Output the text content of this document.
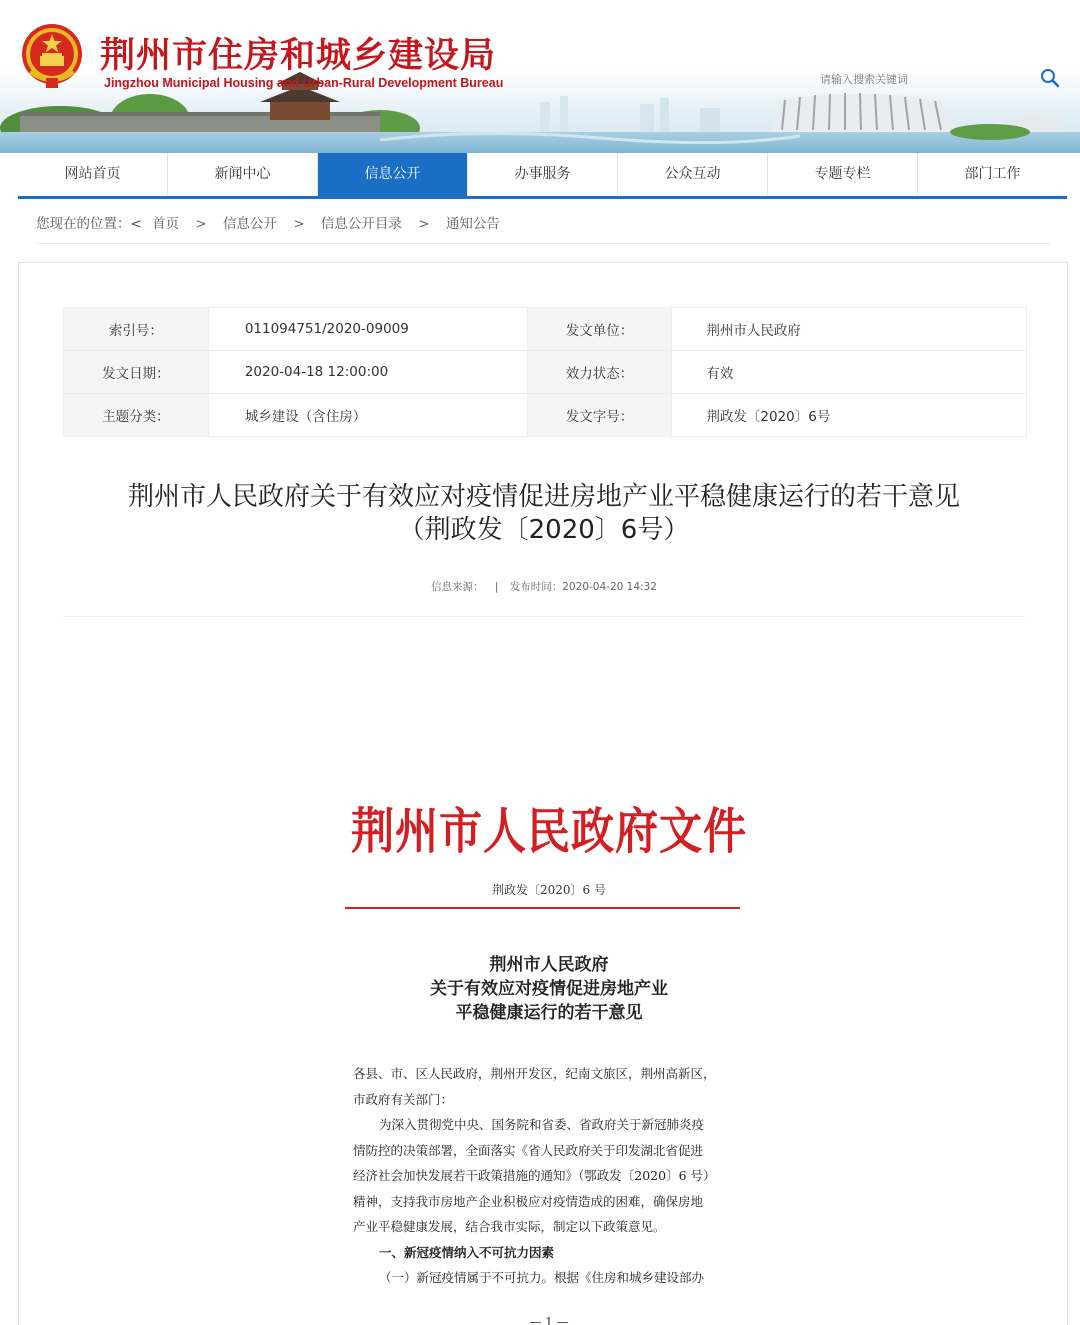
荆州市住房和城乡建设局
Jingzhou Municipal Housing and Urban-Rural Development Bureau
请输入搜索关键词
网站首页	新闻中心	信息公开	办事服务	公众互动	专题专栏	部门工作
您现在的位置：< 首页 > 信息公开 > 信息公开目录 > 通知公告
索引号：	011094751/2020-09009	发文单位：	荆州市人民政府
发文日期：	2020-04-18 12:00:00	效力状态：	有效
主题分类：	城乡建设（含住房）	发文字号：	荆政发〔2020〕6号
荆州市人民政府关于有效应对疫情促进房地产业平稳健康运行的若干意见
（荆政发〔2020〕6号）
信息来源： | 发布时间：2020-04-20 14:32
荆州市人民政府文件
荆政发〔2020〕6 号
荆州市人民政府
关于有效应对疫情促进房地产业
平稳健康运行的若干意见

各县、市、区人民政府，荆州开发区，纪南文旅区，荆州高新区，

市政府有关部门：

为深入贯彻党中央、国务院和省委、省政府关于新冠肺炎疫

情防控的决策部署，全面落实《省人民政府关于印发湖北省促进

经济社会加快发展若干政策措施的通知》（鄂政发〔2020〕6 号）

精神，支持我市房地产企业积极应对疫情造成的困难，确保房地

产业平稳健康发展，结合我市实际，制定以下政策意见。

一、新冠疫情纳入不可抗力因素

（一）新冠疫情属于不可抗力。根据《住房和城乡建设部办

— 1 —
